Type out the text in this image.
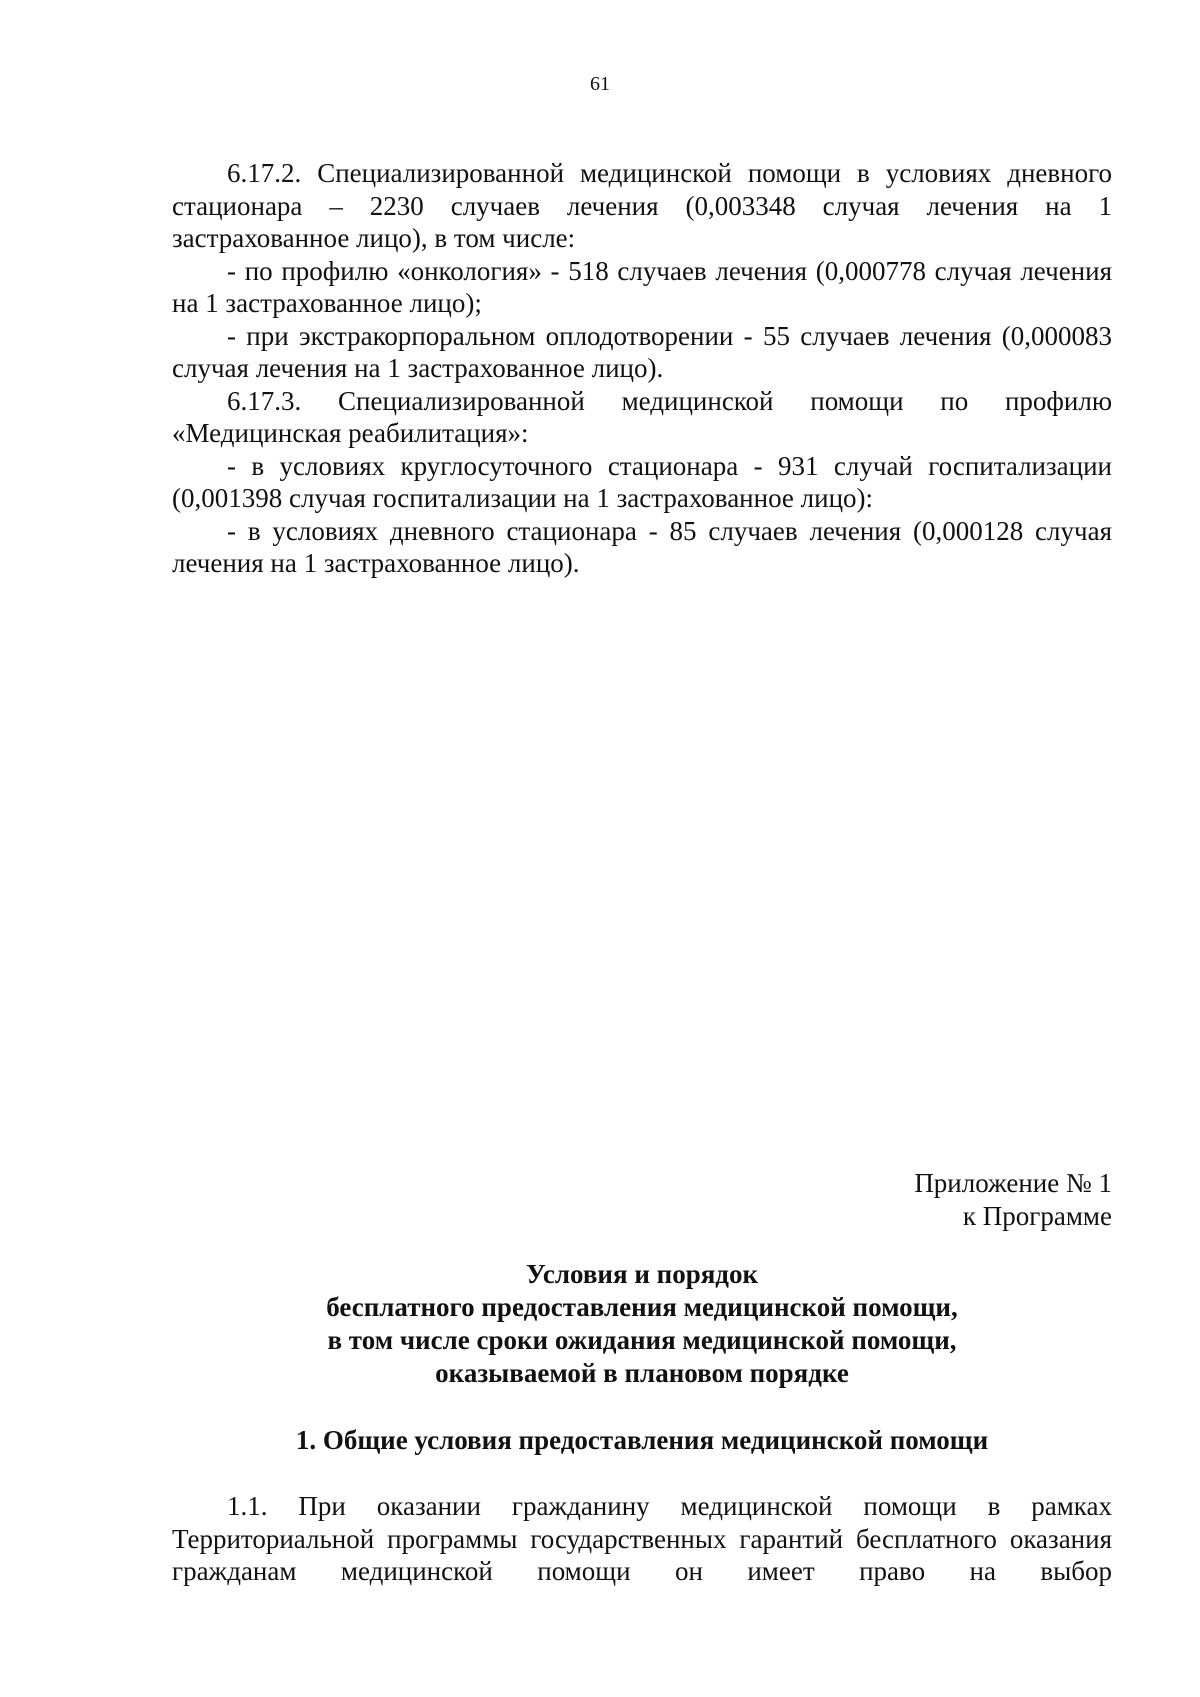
61

6.17.2. Специализированной медицинской помощи в условиях дневного стационара – 2230 случаев лечения (0,003348 случая лечения на 1 застрахованное лицо), в том числе:

- по профилю «онкология» - 518 случаев лечения (0,000778 случая лечения на 1 застрахованное лицо);

- при экстракорпоральном оплодотворении - 55 случаев лечения (0,000083 случая лечения на 1 застрахованное лицо).

6.17.3. Специализированной медицинской помощи по профилю «Медицинская реабилитация»:

- в условиях круглосуточного стационара - 931 случай госпитализации (0,001398 случая госпитализации на 1 застрахованное лицо):

- в условиях дневного стационара - 85 случаев лечения (0,000128 случая лечения на 1 застрахованное лицо).

Приложение № 1
к Программе
Условия и порядок
бесплатного предоставления медицинской помощи,
в том числе сроки ожидания медицинской помощи,
оказываемой в плановом порядке
1. Общие условия предоставления медицинской помощи

1.1. При оказании гражданину медицинской помощи в рамках Территориальной программы государственных гарантий бесплатного оказания гражданам медицинской помощи он имеет право на выбор
